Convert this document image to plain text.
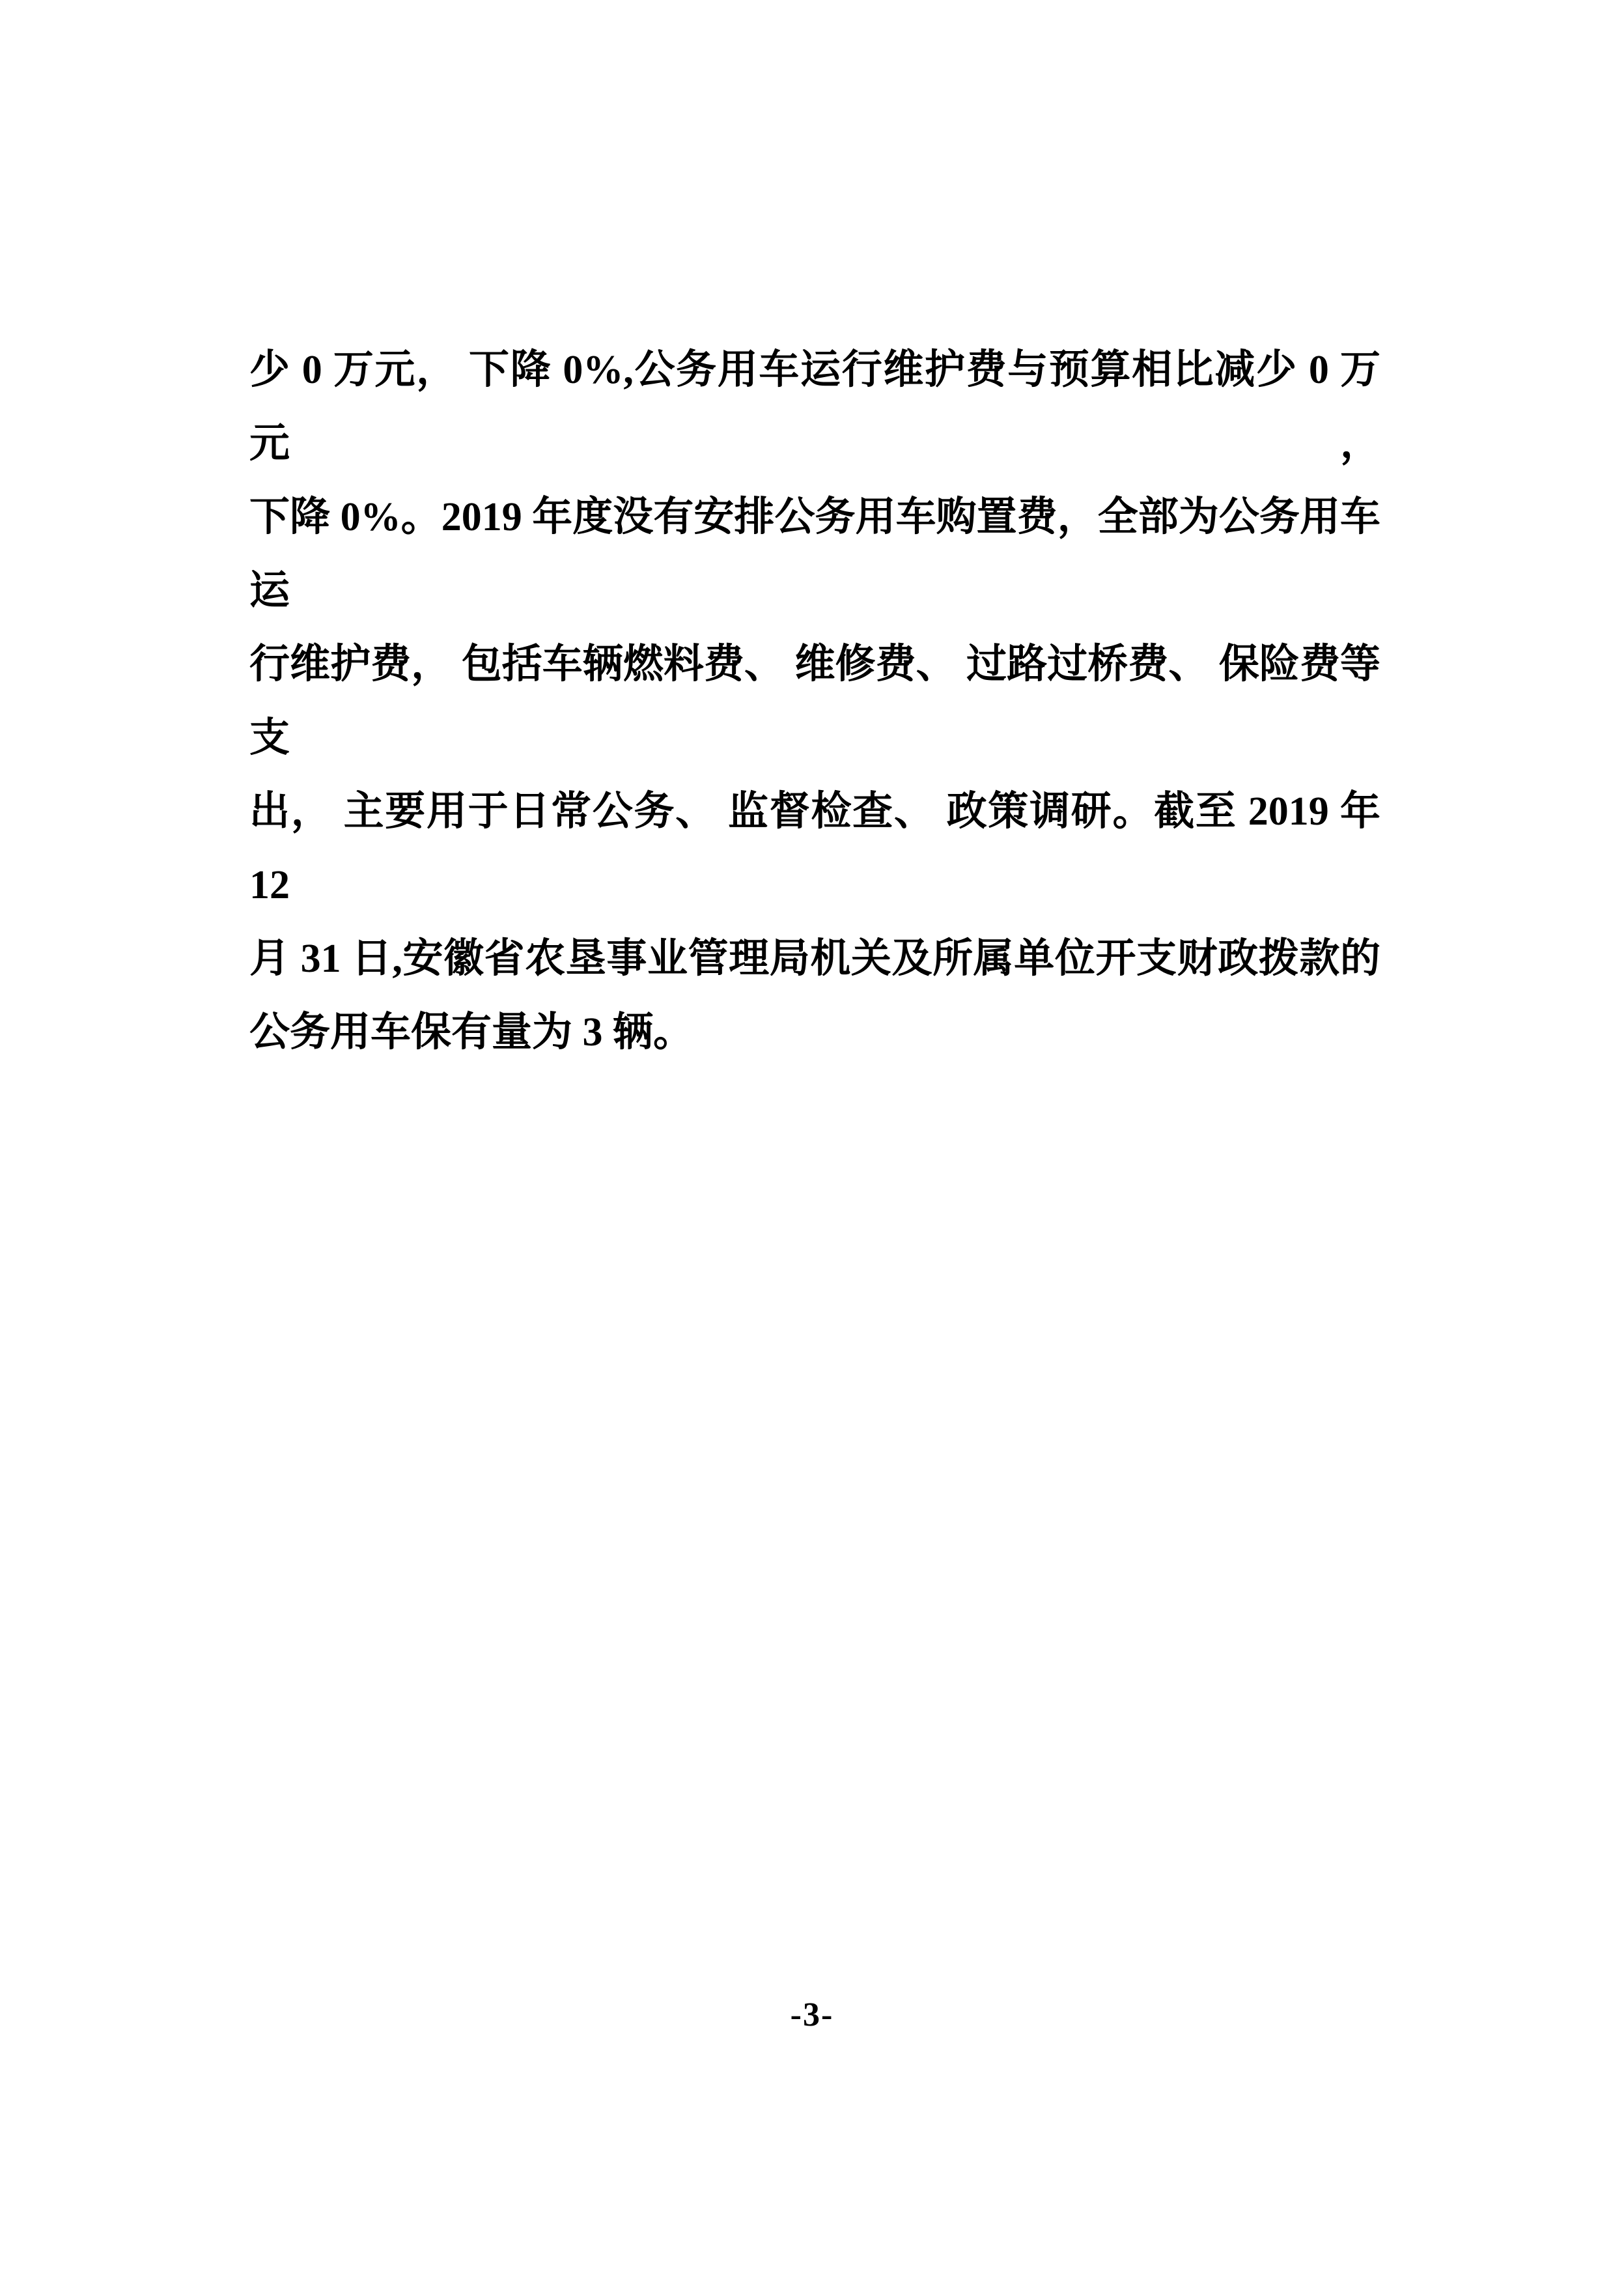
少 0 万元， 下降 0%,公务用车运行维护费与预算相比减少 0 万元，
下降 0%。2019 年度没有安排公务用车购置费，全部为公务用车运
行维护费， 包括车辆燃料费、 维修费、 过路过桥费、 保险费等支
出， 主要用于日常公务、 监督检查、 政策调研。截至 2019 年 12
月 31 日,安徽省农垦事业管理局机关及所属单位开支财政拨款的
公务用车保有量为 3 辆。
-3-
